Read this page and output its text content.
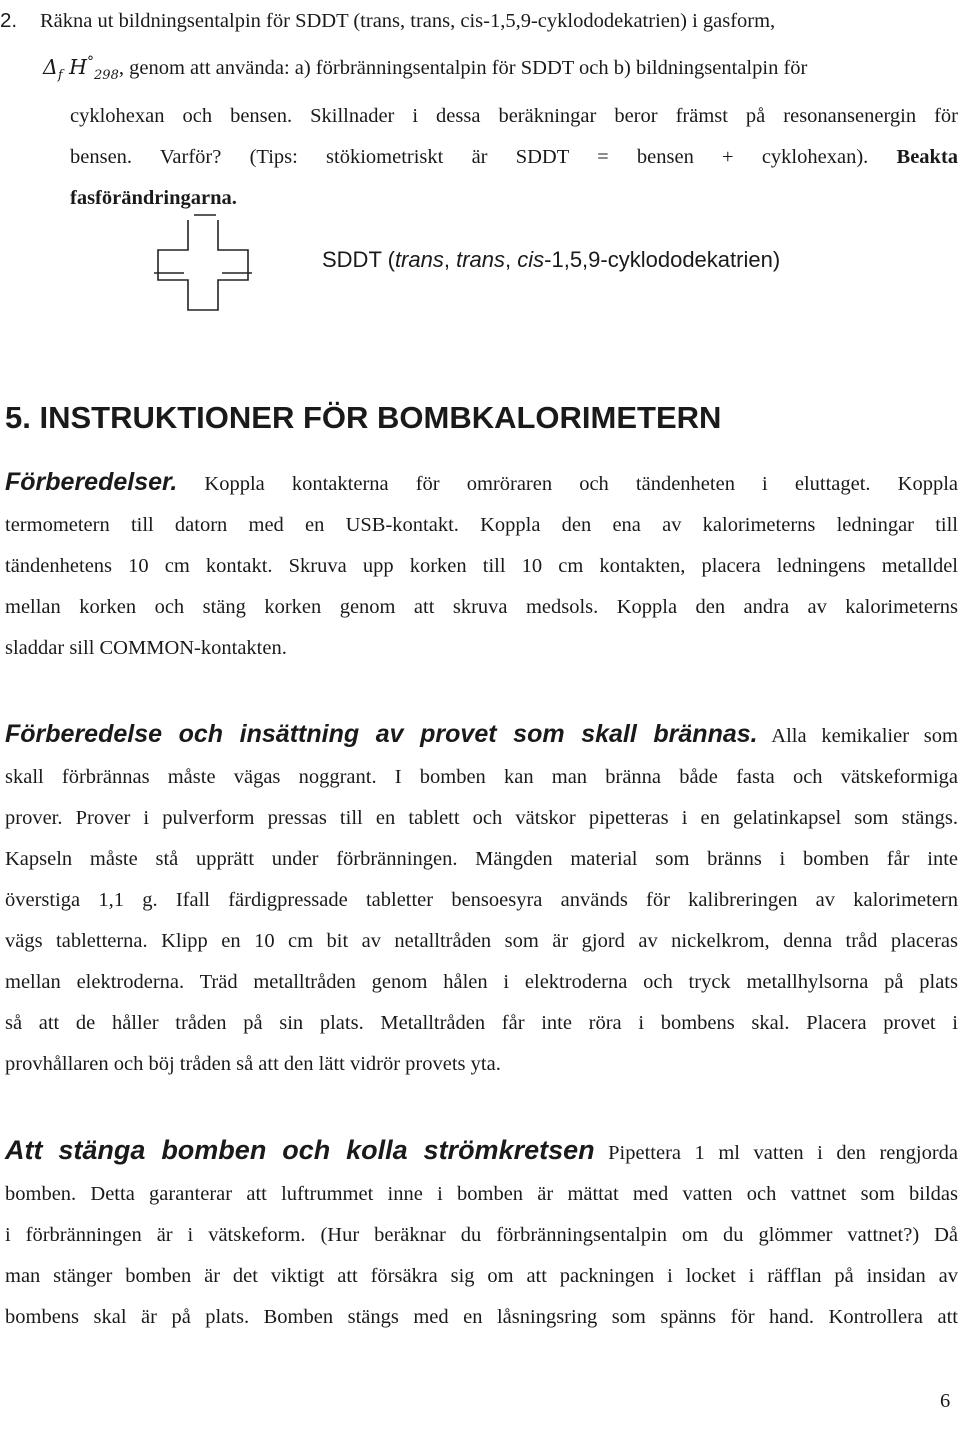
2. Räkna ut bildningsentalpin för SDDT (trans, trans, cis-1,5,9-cyklododekatrien) i gasform,
$\Delta_f$ $H^\circ_{298}$, genom att använda: a) förbränningsentalpin för SDDT och b) bildningsentalpin för
cyklohexan och bensen. Skillnader i dessa beräkningar beror främst på resonansenergin för
bensen. Varför? (Tips: stökiometriskt är SDDT = bensen + cyklohexan). Beakta
fasförändringarna.
SDDT (trans, trans, cis-1,5,9-cyklododekatrien)
5. INSTRUKTIONER FÖR BOMBKALORIMETERN
Förberedelser. Koppla kontakterna för omröraren och tändenheten i eluttaget. Koppla
termometern till datorn med en USB-kontakt. Koppla den ena av kalorimeterns ledningar till
tändenhetens 10 cm kontakt. Skruva upp korken till 10 cm kontakten, placera ledningens metalldel
mellan korken och stäng korken genom att skruva medsols. Koppla den andra av kalorimeterns
sladdar sill COMMON-kontakten.
Förberedelse och insättning av provet som skall brännas. Alla kemikalier som
skall förbrännas måste vägas noggrant. I bomben kan man bränna både fasta och vätskeformiga
prover. Prover i pulverform pressas till en tablett och vätskor pipetteras i en gelatinkapsel som stängs.
Kapseln måste stå upprätt under förbränningen. Mängden material som bränns i bomben får inte
överstiga 1,1 g. Ifall färdigpressade tabletter bensoesyra används för kalibreringen av kalorimetern
vägs tabletterna. Klipp en 10 cm bit av netalltråden som är gjord av nickelkrom, denna tråd placeras
mellan elektroderna. Träd metalltråden genom hålen i elektroderna och tryck metallhylsorna på plats
så att de håller tråden på sin plats. Metalltråden får inte röra i bombens skal. Placera provet i
provhållaren och böj tråden så att den lätt vidrör provets yta.
Att stänga bomben och kolla strömkretsen Pipettera 1 ml vatten i den rengjorda
bomben. Detta garanterar att luftrummet inne i bomben är mättat med vatten och vattnet som bildas
i förbränningen är i vätskeform. (Hur beräknar du förbränningsentalpin om du glömmer vattnet?) Då
man stänger bomben är det viktigt att försäkra sig om att packningen i locket i räfflan på insidan av
bombens skal är på plats. Bomben stängs med en låsningsring som spänns för hand. Kontrollera att
6
